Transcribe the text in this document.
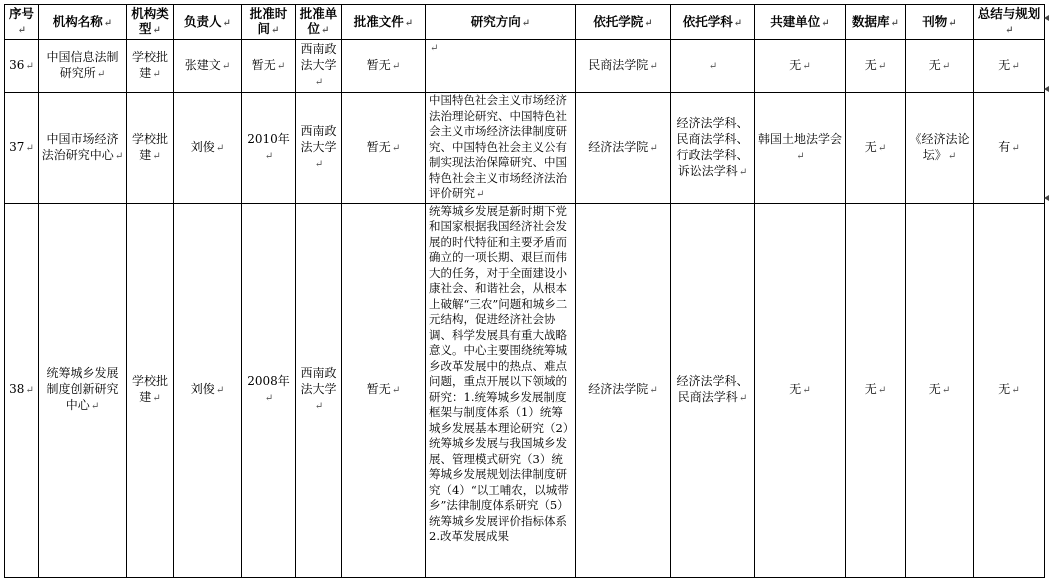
序号↵	机构名称↵	机构类型↵	负责人↵	批准时间↵	批准单位↵	批准文件↵	研究方向↵	依托学院↵	依托学科↵	共建单位↵	数据库↵	刊物↵	总结与规划↵
36↵	中国信息法制研究所↵	学校批建↵	张建文↵	暂无↵	西南政法大学↵	暂无↵	↵	民商法学院↵	↵	无↵	无↵	无↵	无↵
37↵	中国市场经济法治研究中心↵	学校批建↵	刘俊↵	2010年↵	西南政法大学↵	暂无↵	中国特色社会主义市场经济法治理论研究、中国特色社会主义市场经济法律制度研究、中国特色社会主义公有制实现法治保障研究、中国特色社会主义市场经济法治评价研究↵	经济法学院↵	经济法学科、民商法学科、行政法学科、诉讼法学科↵	韩国土地法学会↵	无↵	《经济法论坛》↵	有↵
38↵	统筹城乡发展制度创新研究中心↵	学校批建↵	刘俊↵	2008年↵	西南政法大学↵	暂无↵	统筹城乡发展是新时期下党和国家根据我国经济社会发展的时代特征和主要矛盾而确立的一项长期、艰巨而伟大的任务，对于全面建设小康社会、和谐社会，从根本上破解“三农”问题和城乡二元结构，促进经济社会协调、科学发展具有重大战略意义。中心主要围绕统筹城乡改革发展中的热点、难点问题，重点开展以下领域的研究：1.统筹城乡发展制度框架与制度体系（1）统筹城乡发展基本理论研究（2）统筹城乡发展与我国城乡发展、管理模式研究（3）统筹城乡发展规划法律制度研究（4）“以工哺农，以城带乡”法律制度体系研究（5）统筹城乡发展评价指标体系 2.改革发展成果	经济法学院↵	经济法学科、民商法学科↵	无↵	无↵	无↵	无↵
